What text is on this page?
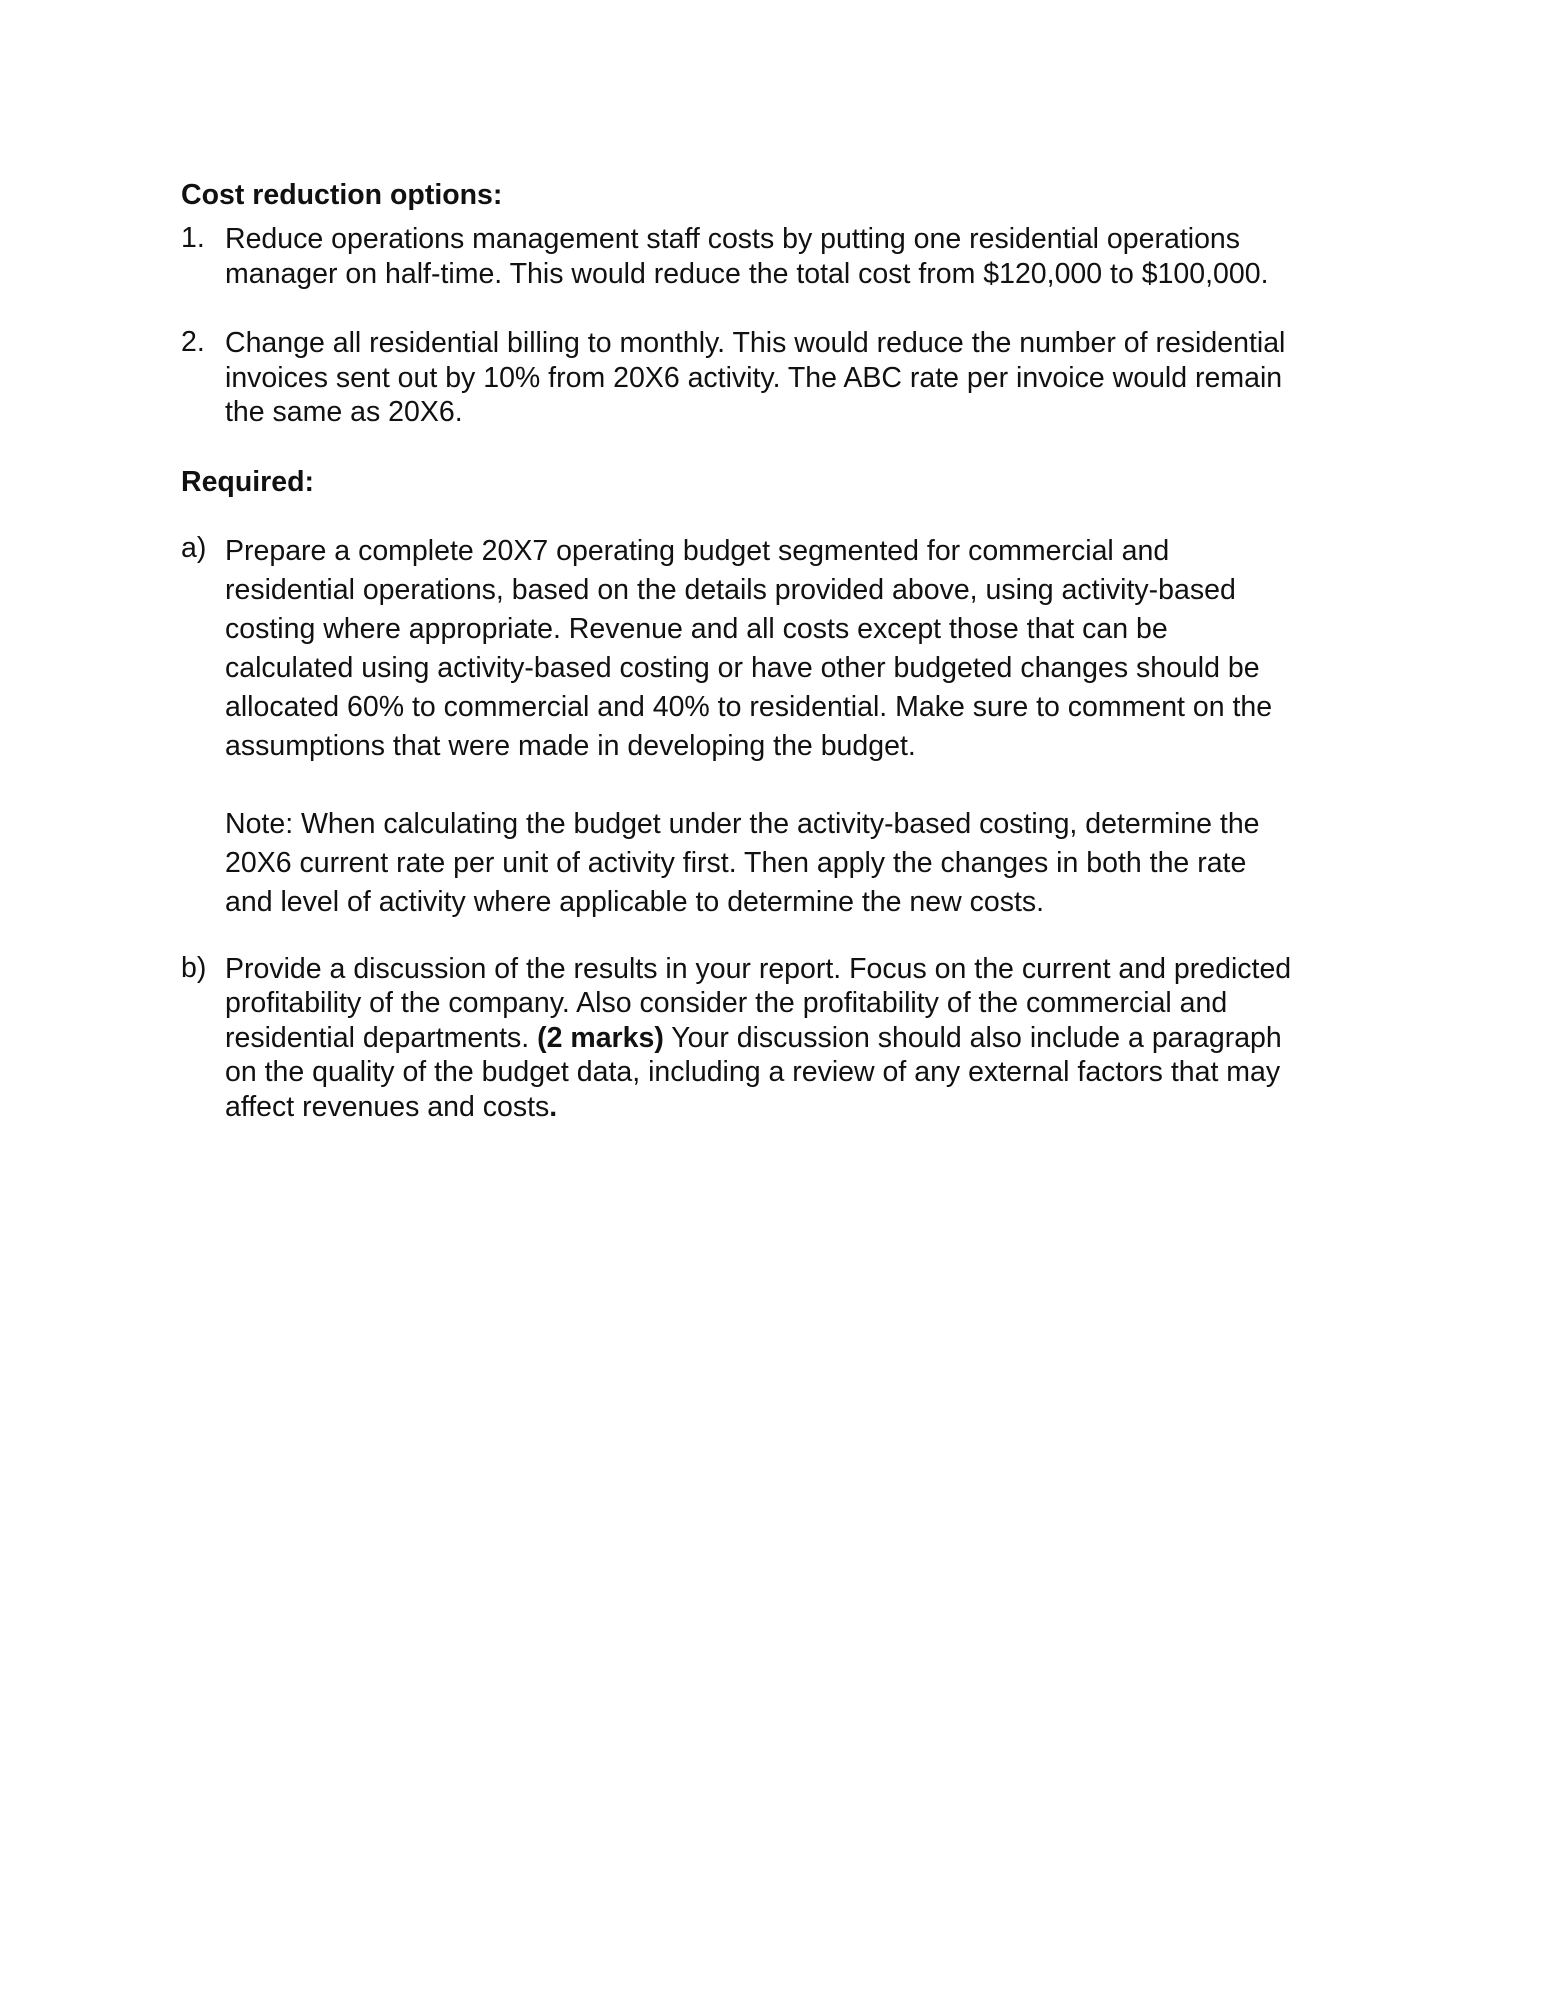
Cost reduction options:
1. Reduce operations management staff costs by putting one residential operations
manager on half-time. This would reduce the total cost from $120,000 to $100,000.
2. Change all residential billing to monthly. This would reduce the number of residential
invoices sent out by 10% from 20X6 activity. The ABC rate per invoice would remain
the same as 20X6.
Required:
a) Prepare a complete 20X7 operating budget segmented for commercial and
residential operations, based on the details provided above, using activity-based
costing where appropriate. Revenue and all costs except those that can be
calculated using activity-based costing or have other budgeted changes should be
allocated 60% to commercial and 40% to residential. Make sure to comment on the
assumptions that were made in developing the budget.
Note: When calculating the budget under the activity-based costing, determine the
20X6 current rate per unit of activity first. Then apply the changes in both the rate
and level of activity where applicable to determine the new costs.
b) Provide a discussion of the results in your report. Focus on the current and predicted
profitability of the company. Also consider the profitability of the commercial and
residential departments. (2 marks) Your discussion should also include a paragraph
on the quality of the budget data, including a review of any external factors that may
affect revenues and costs.
